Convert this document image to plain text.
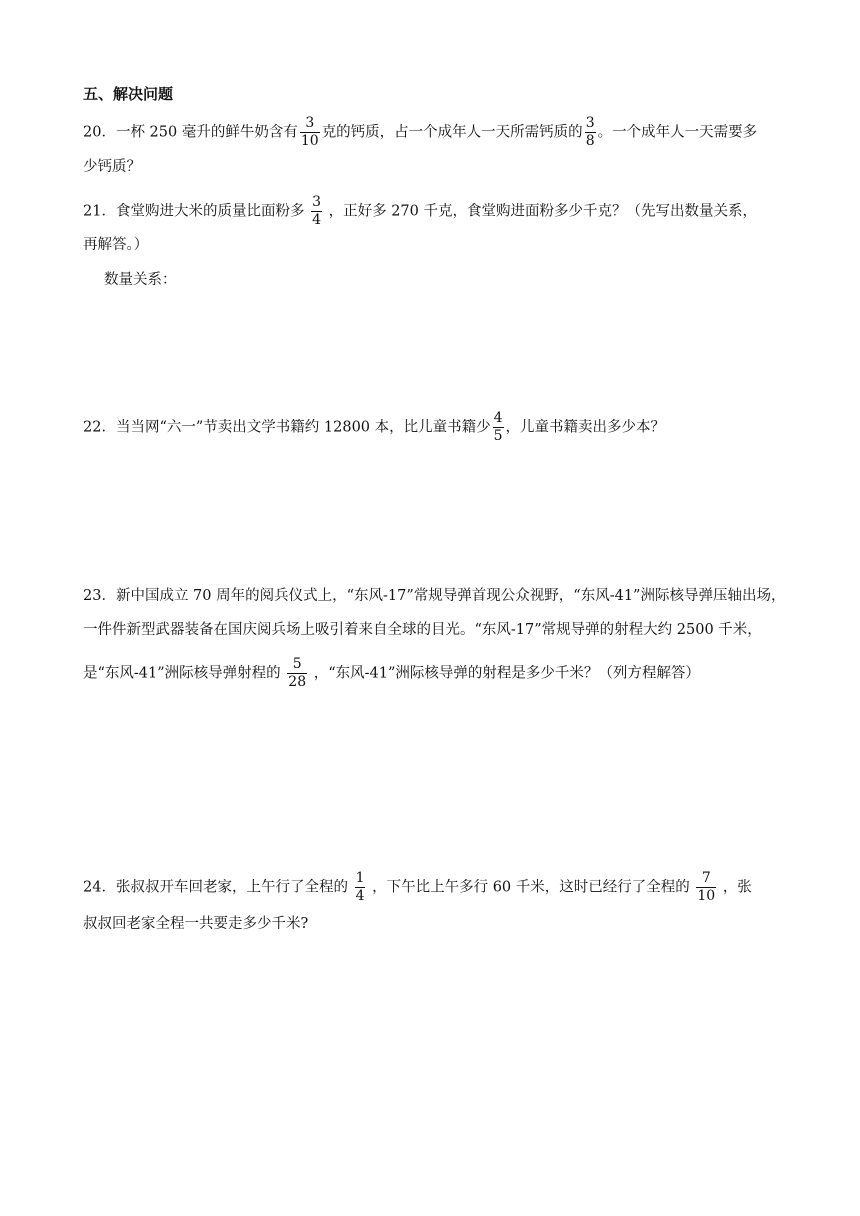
五、解决问题
20．一杯 250 毫升的鲜牛奶含有 $\frac{3}{10}$ 克的钙质，占一个成年人一天所需钙质的 $\frac{3}{8}$ 。一个成年人一天需要多
少钙质？
21．食堂购进大米的质量比面粉多 $\frac{3}{4}$ ，正好多 270 千克，食堂购进面粉多少千克？（先写出数量关系，
再解答。）
数量关系：
22．当当网“六一”节卖出文学书籍约 12800 本，比儿童书籍少 $\frac{4}{5}$ ，儿童书籍卖出多少本？
23．新中国成立 70 周年的阅兵仪式上，“东风-17”常规导弹首现公众视野，“东风-41”洲际核导弹压轴出场，
一件件新型武器装备在国庆阅兵场上吸引着来自全球的目光。“东风-17”常规导弹的射程大约 2500 千米，
是“东风-41”洲际核导弹射程的 $\frac{5}{28}$ ，“东风-41”洲际核导弹的射程是多少千米？（列方程解答）
24．张叔叔开车回老家，上午行了全程的 $\frac{1}{4}$ ，下午比上午多行 60 千米，这时已经行了全程的 $\frac{7}{10}$ ，张
叔叔回老家全程一共要走多少千米?
